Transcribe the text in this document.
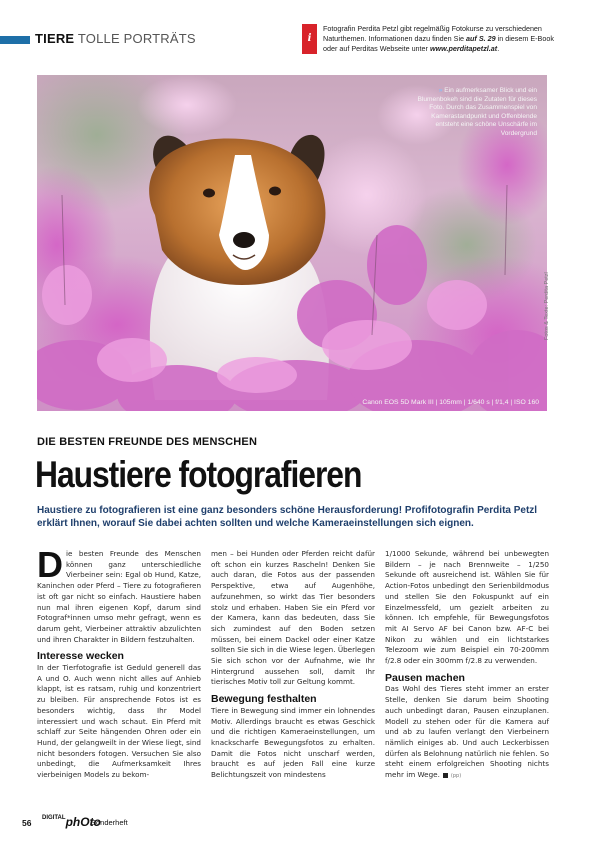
TIERE TOLLE PORTRÄTS	i
Fotografin Perdita Petzl gibt regelmäßig Fotokurse zu verschiedenen Naturthemen. Informationen dazu finden Sie auf S. 29 in diesem E-Book oder auf Perditas Webseite unter www.perditapetzl.at.
» Ein aufmerksamer Blick und ein Blumenbokeh sind die Zutaten für dieses Foto. Durch das Zusammenspiel von Kamerastandpunkt und Offenblende entsteht eine schöne Unschärfe im Vordergrund
Canon EOS 5D Mark III | 105mm | 1/640 s | f/1,4 | ISO 160
Fotos & Texte: Perdita Petzl
DIE BESTEN FREUNDE DES MENSCHEN
Haustiere fotografieren
Haustiere zu fotografieren ist eine ganz besonders schöne Herausforderung! Profifotografin Perdita Petzl erklärt Ihnen, worauf Sie dabei achten sollten und welche Kameraeinstellungen sich eignen.

Die besten Freunde des Menschen können ganz unterschiedliche Vierbeiner sein: Egal ob Hund, Katze, Kaninchen oder Pferd – Tiere zu fotografieren ist oft gar nicht so einfach. Haustiere haben nun mal ihren eigenen Kopf, darum sind Fotograf*innen umso mehr gefragt, wenn es darum geht, Vierbeiner attraktiv abzulichten und ihren Charakter in Bildern festzuhalten.

Interesse wecken

In der Tierfotografie ist Geduld generell das A und O. Auch wenn nicht alles auf Anhieb klappt, ist es ratsam, ruhig und konzentriert zu bleiben. Für ansprechende Fotos ist es besonders wichtig, dass Ihr Model interessiert und wach schaut. Ein Pferd mit schlaff zur Seite hängenden Ohren oder ein Hund, der gelangweilt in der Wiese liegt, sind nicht besonders fotogen. Versuchen Sie also unbedingt, die Aufmerksamkeit Ihres vierbeinigen Models zu bekom-

men – bei Hunden oder Pferden reicht dafür oft schon ein kurzes Rascheln! Denken Sie auch daran, die Fotos aus der passenden Perspektive, etwa auf Augenhöhe, aufzunehmen, so wirkt das Tier besonders stolz und erhaben. Haben Sie ein Pferd vor der Kamera, kann das bedeuten, dass Sie sich zumindest auf den Boden setzen müssen, bei einem Dackel oder einer Katze sollten Sie sich in die Wiese legen. Überlegen Sie sich schon vor der Aufnahme, wie Ihr Hintergrund aussehen soll, damit Ihr tierisches Motiv toll zur Geltung kommt.

Bewegung festhalten

Tiere in Bewegung sind immer ein lohnendes Motiv. Allerdings braucht es etwas Geschick und die richtigen Kameraeinstellungen, um knackscharfe Bewegungsfotos zu erhalten. Damit die Fotos nicht unscharf werden, braucht es auf jeden Fall eine kurze Belichtungszeit von mindestens

1/1000 Sekunde, während bei unbewegten Bildern – je nach Brennweite – 1/250 Sekunde oft ausreichend ist. Wählen Sie für Action-Fotos unbedingt den Serienbildmodus und stellen Sie den Fokuspunkt auf ein Einzelmessfeld, um gezielt arbeiten zu können. Ich empfehle, für Bewegungsfotos mit AI Servo AF bei Canon bzw. AF-C bei Nikon zu wählen und ein lichtstarkes Telezoom wie zum Beispiel ein 70-200mm f/2.8 oder ein 300mm f/2.8 zu verwenden.

Pausen machen

Das Wohl des Tieres steht immer an erster Stelle, denken Sie darum beim Shooting auch unbedingt daran, Pausen einzuplanen. Modell zu stehen oder für die Kamera auf und ab zu laufen verlangt den Vierbeinern nämlich einiges ab. Und auch Leckerbissen dürfen als Belohnung natürlich nie fehlen. So steht einem erfolgreichen Shooting nichts mehr im Wege. (pp)

56 $^{DIGITAL}$phOto
Sonderheft
